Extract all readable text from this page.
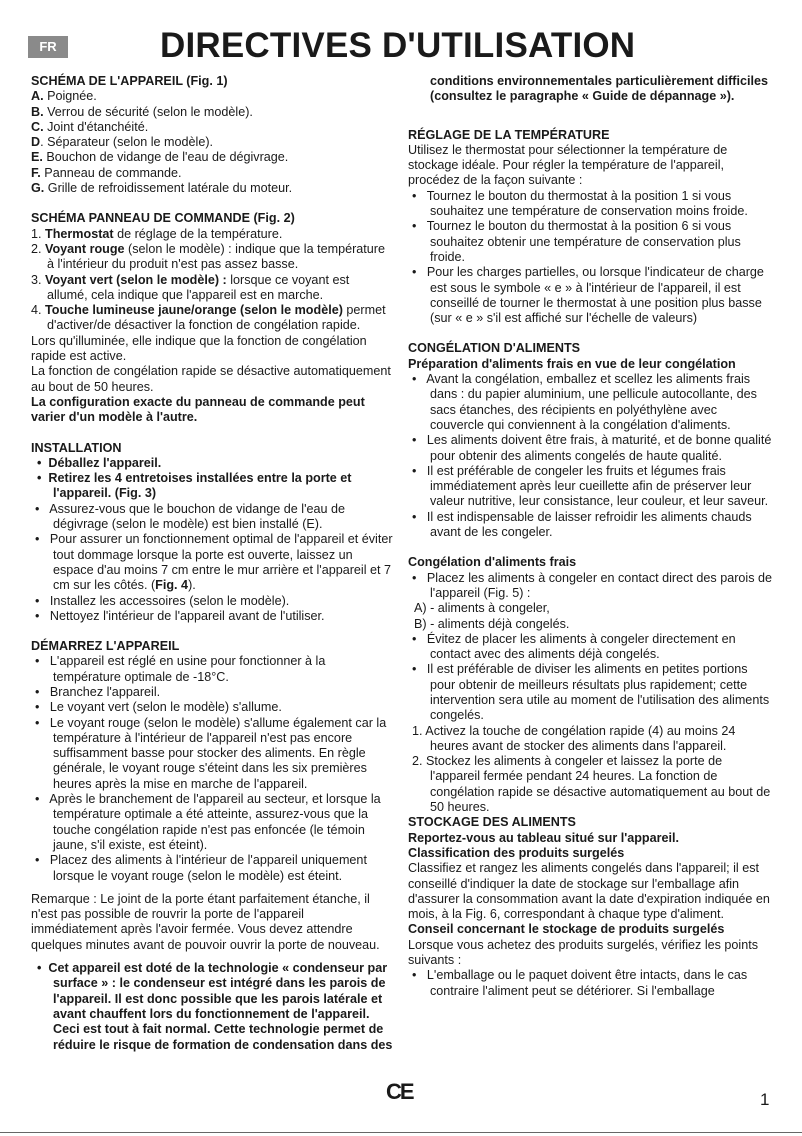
FR	DIRECTIVES D'UTILISATION
SCHÉMA DE L'APPAREIL (Fig. 1)
A. Poignée.
B. Verrou de sécurité (selon le modèle).
C. Joint d'étanchéité.
D. Séparateur (selon le modèle).
E. Bouchon de vidange de l'eau de dégivrage.
F. Panneau de commande.
G. Grille de refroidissement latérale du moteur.
SCHÉMA PANNEAU DE COMMANDE (Fig. 2)
1. Thermostat de réglage de la température.
2. Voyant rouge (selon le modèle) : indique que la température à l'intérieur du produit n'est pas assez basse.
3. Voyant vert (selon le modèle) : lorsque ce voyant est allumé, cela indique que l'appareil est en marche.
4. Touche lumineuse jaune/orange (selon le modèle) permet d'activer/de désactiver la fonction de congélation rapide.
Lors qu'illuminée, elle indique que la fonction de congélation rapide est active.
La fonction de congélation rapide se désactive automatiquement au bout de 50 heures.
La configuration exacte du panneau de commande peut varier d'un modèle à l'autre.
INSTALLATION
•  Déballez l'appareil.
•  Retirez les 4 entretoises installées entre la porte et l'appareil. (Fig. 3)
•   Assurez-vous que le bouchon de vidange de l'eau de dégivrage (selon le modèle) est bien installé (E).
•   Pour assurer un fonctionnement optimal de l'appareil et éviter tout dommage lorsque la porte est ouverte, laissez un espace d'au moins 7 cm entre le mur arrière et l'appareil et 7 cm sur les côtés. (Fig. 4).
•   Installez les accessoires (selon le modèle).
•   Nettoyez l'intérieur de l'appareil avant de l'utiliser.
DÉMARREZ L'APPAREIL
•   L'appareil est réglé en usine pour fonctionner à la température optimale de -18°C.
•   Branchez l'appareil.
•   Le voyant vert (selon le modèle) s'allume.
•   Le voyant rouge (selon le modèle) s'allume également car la température à l'intérieur de l'appareil n'est pas encore suffisamment basse pour stocker des aliments. En règle générale, le voyant rouge s'éteint dans les six premières heures après la mise en marche de l'appareil.
•   Après le branchement de l'appareil au secteur, et lorsque la température optimale a été atteinte, assurez-vous que la touche congélation rapide n'est pas enfoncée (le témoin jaune, s'il existe, est éteint).
•   Placez des aliments à l'intérieur de l'appareil uniquement lorsque le voyant rouge (selon le modèle) est éteint.
Remarque : Le joint de la porte étant parfaitement étanche, il n'est pas possible de rouvrir la porte de l'appareil immédiatement après l'avoir fermée. Vous devez attendre quelques minutes avant de pouvoir ouvrir la porte de nouveau.
•  Cet appareil est doté de la technologie « condenseur par surface » : le condenseur est intégré dans les parois de l'appareil. Il est donc possible que les parois latérale et avant chauffent lors du fonctionnement de l'appareil. Ceci est tout à fait normal. Cette technologie permet de réduire le risque de formation de condensation dans des
conditions environnementales particulièrement difficiles (consultez le paragraphe « Guide de dépannage »).
RÉGLAGE DE LA TEMPÉRATURE
Utilisez le thermostat pour sélectionner la température de stockage idéale. Pour régler la température de l'appareil, procédez de la façon suivante :
•   Tournez le bouton du thermostat à la position 1 si vous souhaitez une température de conservation moins froide.
•   Tournez le bouton du thermostat à la position 6 si vous souhaitez obtenir une température de conservation plus froide.
•   Pour les charges partielles, ou lorsque l'indicateur de charge est sous le symbole « e » à l'intérieur de l'appareil, il est conseillé de tourner le thermostat à une position plus basse (sur « e » s'il est affiché sur l'échelle de valeurs)
CONGÉLATION D'ALIMENTS
Préparation d'aliments frais en vue de leur congélation
•   Avant la congélation, emballez et scellez les aliments frais dans : du papier aluminium, une pellicule autocollante, des sacs étanches, des récipients en polyéthylène avec couvercle qui conviennent à la congélation d'aliments.
•   Les aliments doivent être frais, à maturité, et de bonne qualité pour obtenir des aliments congelés de haute qualité.
•   Il est préférable de congeler les fruits et légumes frais immédiatement après leur cueillette afin de préserver leur valeur nutritive, leur consistance, leur couleur, et leur saveur.
•   Il est indispensable de laisser refroidir les aliments chauds avant de les congeler.
Congélation d'aliments frais
•   Placez les aliments à congeler en contact direct des parois de l'appareil (Fig. 5) :
A) - aliments à congeler,
B) - aliments déjà congelés.
•   Évitez de placer les aliments à congeler directement en contact avec des aliments déjà congelés.
•   Il est préférable de diviser les aliments en petites portions pour obtenir de meilleurs résultats plus rapidement; cette intervention sera utile au moment de l'utilisation des aliments congelés.
1. Activez la touche de congélation rapide (4) au moins 24 heures avant de stocker des aliments dans l'appareil.
2. Stockez les aliments à congeler et laissez la porte de l'appareil fermée pendant 24 heures. La fonction de congélation rapide se désactive automatiquement au bout de 50 heures.
STOCKAGE DES ALIMENTS
Reportez-vous au tableau situé sur l'appareil.
Classification des produits surgelés
Classifiez et rangez les aliments congelés dans l'appareil; il est conseillé d'indiquer la date de stockage sur l'emballage afin d'assurer la consommation avant la date d'expiration indiquée en mois, à la Fig. 6, correspondant à chaque type d'aliment.
Conseil concernant le stockage de produits surgelés
Lorsque vous achetez des produits surgelés, vérifiez les points suivants :
•   L'emballage ou le paquet doivent être intacts, dans le cas contraire l'aliment peut se détériorer. Si l'emballage
CE	1
